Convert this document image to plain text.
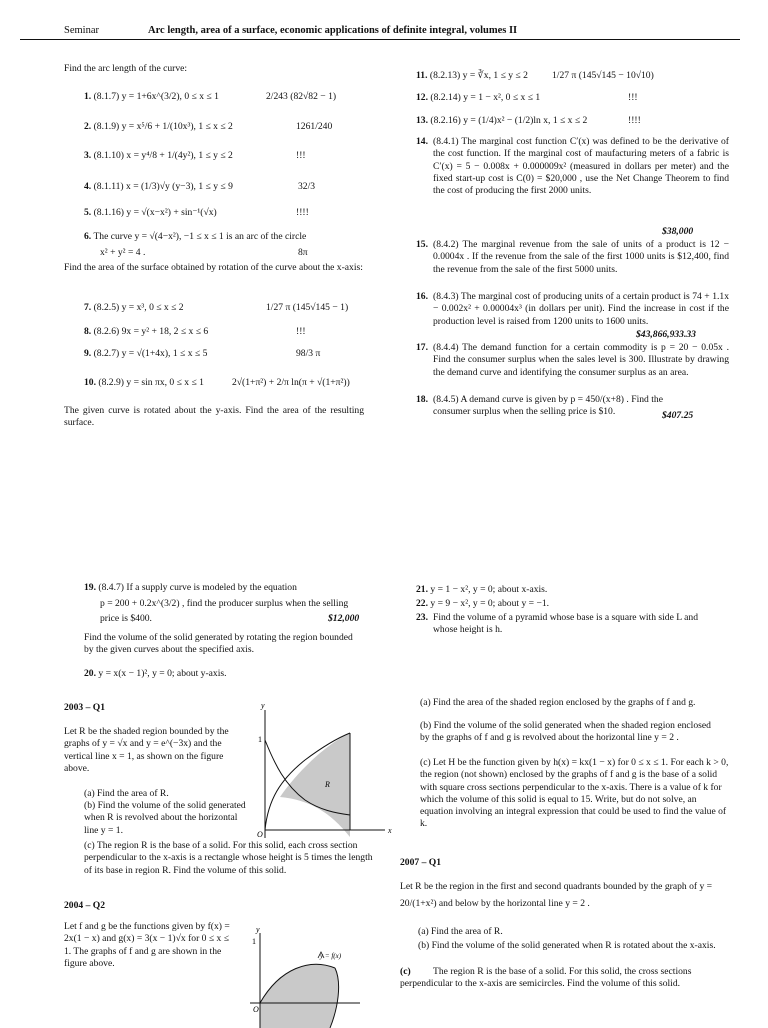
Seminar	Arc length, area of a surface, economic applications of definite integral, volumes II
Find the arc length of the curve:
1. (8.1.7) y = 1+6x^(3/2), 0 ≤ x ≤ 1	2/243 (82√82 − 1)
2. (8.1.9) y = x⁵/6 + 1/(10x³), 1 ≤ x ≤ 2	1261/240
3. (8.1.10) x = y⁴/8 + 1/(4y²), 1 ≤ y ≤ 2	!!!
4. (8.1.11) x = (1/3)√y (y−3), 1 ≤ y ≤ 9	32/3
5. (8.1.16) y = √(x−x²) + sin⁻¹(√x)	!!!!
6. The curve y = √(4−x²), −1 ≤ x ≤ 1 is an arc of the circle
x² + y² = 4 .	8π
Find the area of the surface obtained by rotation of the curve about the x-axis:
7. (8.2.5) y = x³, 0 ≤ x ≤ 2	1/27 π (145√145 − 1)
8. (8.2.6) 9x = y² + 18, 2 ≤ x ≤ 6	!!!
9. (8.2.7) y = √(1+4x), 1 ≤ x ≤ 5	98/3 π
10. (8.2.9) y = sin πx, 0 ≤ x ≤ 1	2√(1+π²) + 2/π ln(π + √(1+π²))
The given curve is rotated about the y-axis. Find the area of the resulting surface.
11. (8.2.13) y = ∛x, 1 ≤ y ≤ 2	1/27 π (145√145 − 10√10)
12. (8.2.14) y = 1 − x², 0 ≤ x ≤ 1	!!!
13. (8.2.16) y = (1/4)x² − (1/2)ln x, 1 ≤ x ≤ 2	!!!!
14. (8.4.1) The marginal cost function C′(x) was defined to be the derivative of the cost function. If the marginal cost of maufacturing meters of a fabric is C′(x) = 5 − 0.008x + 0.000009x² (measured in dollars per meter) and the fixed start-up cost is C(0) = $20,000 , use the Net Change Theorem to find the cost of producing the first 2000 units.
$38,000
15. (8.4.2) The marginal revenue from the sale of units of a product is 12 − 0.0004x . If the revenue from the sale of the first 1000 units is $12,400, find the revenue from the sale of the first 5000 units.
16. (8.4.3) The marginal cost of producing units of a certain product is 74 + 1.1x − 0.002x² + 0.00004x³ (in dollars per unit). Find the increase in cost if the production level is raised from 1200 units to 1600 units.
$43,866,933.33
17. (8.4.4) The demand function for a certain commodity is p = 20 − 0.05x . Find the consumer surplus when the sales level is 300. Illustrate by drawing the demand curve and identifying the consumer surplus as an area.
18. (8.4.5) A demand curve is given by p = 450/(x+8) . Find the consumer surplus when the selling price is $10.	$407.25
19. (8.4.7) If a supply curve is modeled by the equation
p = 200 + 0.2x^(3/2) , find the producer surplus when the selling
price is $400.	$12,000
Find the volume of the solid generated by rotating the region bounded by the given curves about the specified axis.
20. y = x(x − 1)², y = 0; about y-axis.
21. y = 1 − x², y = 0; about x-axis.
22. y = 9 − x², y = 0; about y = −1.
23. Find the volume of a pyramid whose base is a square with side L and whose height is h.
2003 – Q1
Let R be the shaded region bounded by the graphs of y = √x and y = e^(−3x) and the vertical line x = 1, as shown on the figure above.
(a) Find the area of R.
(b) Find the volume of the solid generated when R is revolved about the horizontal line y = 1.
(c) The region R is the base of a solid. For this solid, each cross section perpendicular to the x-axis is a rectangle whose height is 5 times the length of its base in region R. Find the volume of this solid.
y
x
1
O
R
2004 – Q2
Let f and g be the functions given by f(x) = 2x(1 − x) and g(x) = 3(x − 1)√x for 0 ≤ x ≤ 1. The graphs of f and g are shown in the figure above.
y
1
O
y = f(x)
(a) Find the area of the shaded region enclosed by the graphs of f and g.
(b) Find the volume of the solid generated when the shaded region enclosed by the graphs of f and g is revolved about the horizontal line y = 2 .
(c) Let H be the function given by h(x) = kx(1 − x) for 0 ≤ x ≤ 1. For each k > 0, the region (not shown) enclosed by the graphs of f and g is the base of a solid with square cross sections perpendicular to the x-axis. There is a value of k for which the volume of this solid is equal to 15. Write, but do not solve, an equation involving an integral expression that could be used to find the value of k.
2007 – Q1
Let R be the region in the first and second quadrants bounded by the graph of y = 20/(1+x²) and below by the horizontal line y = 2 .
(a) Find the area of R.
(b) Find the volume of the solid generated when R is rotated about the x-axis.
(c)	The region R is the base of a solid. For this solid, the cross sections perpendicular to the x-axis are semicircles. Find the volume of this solid.
